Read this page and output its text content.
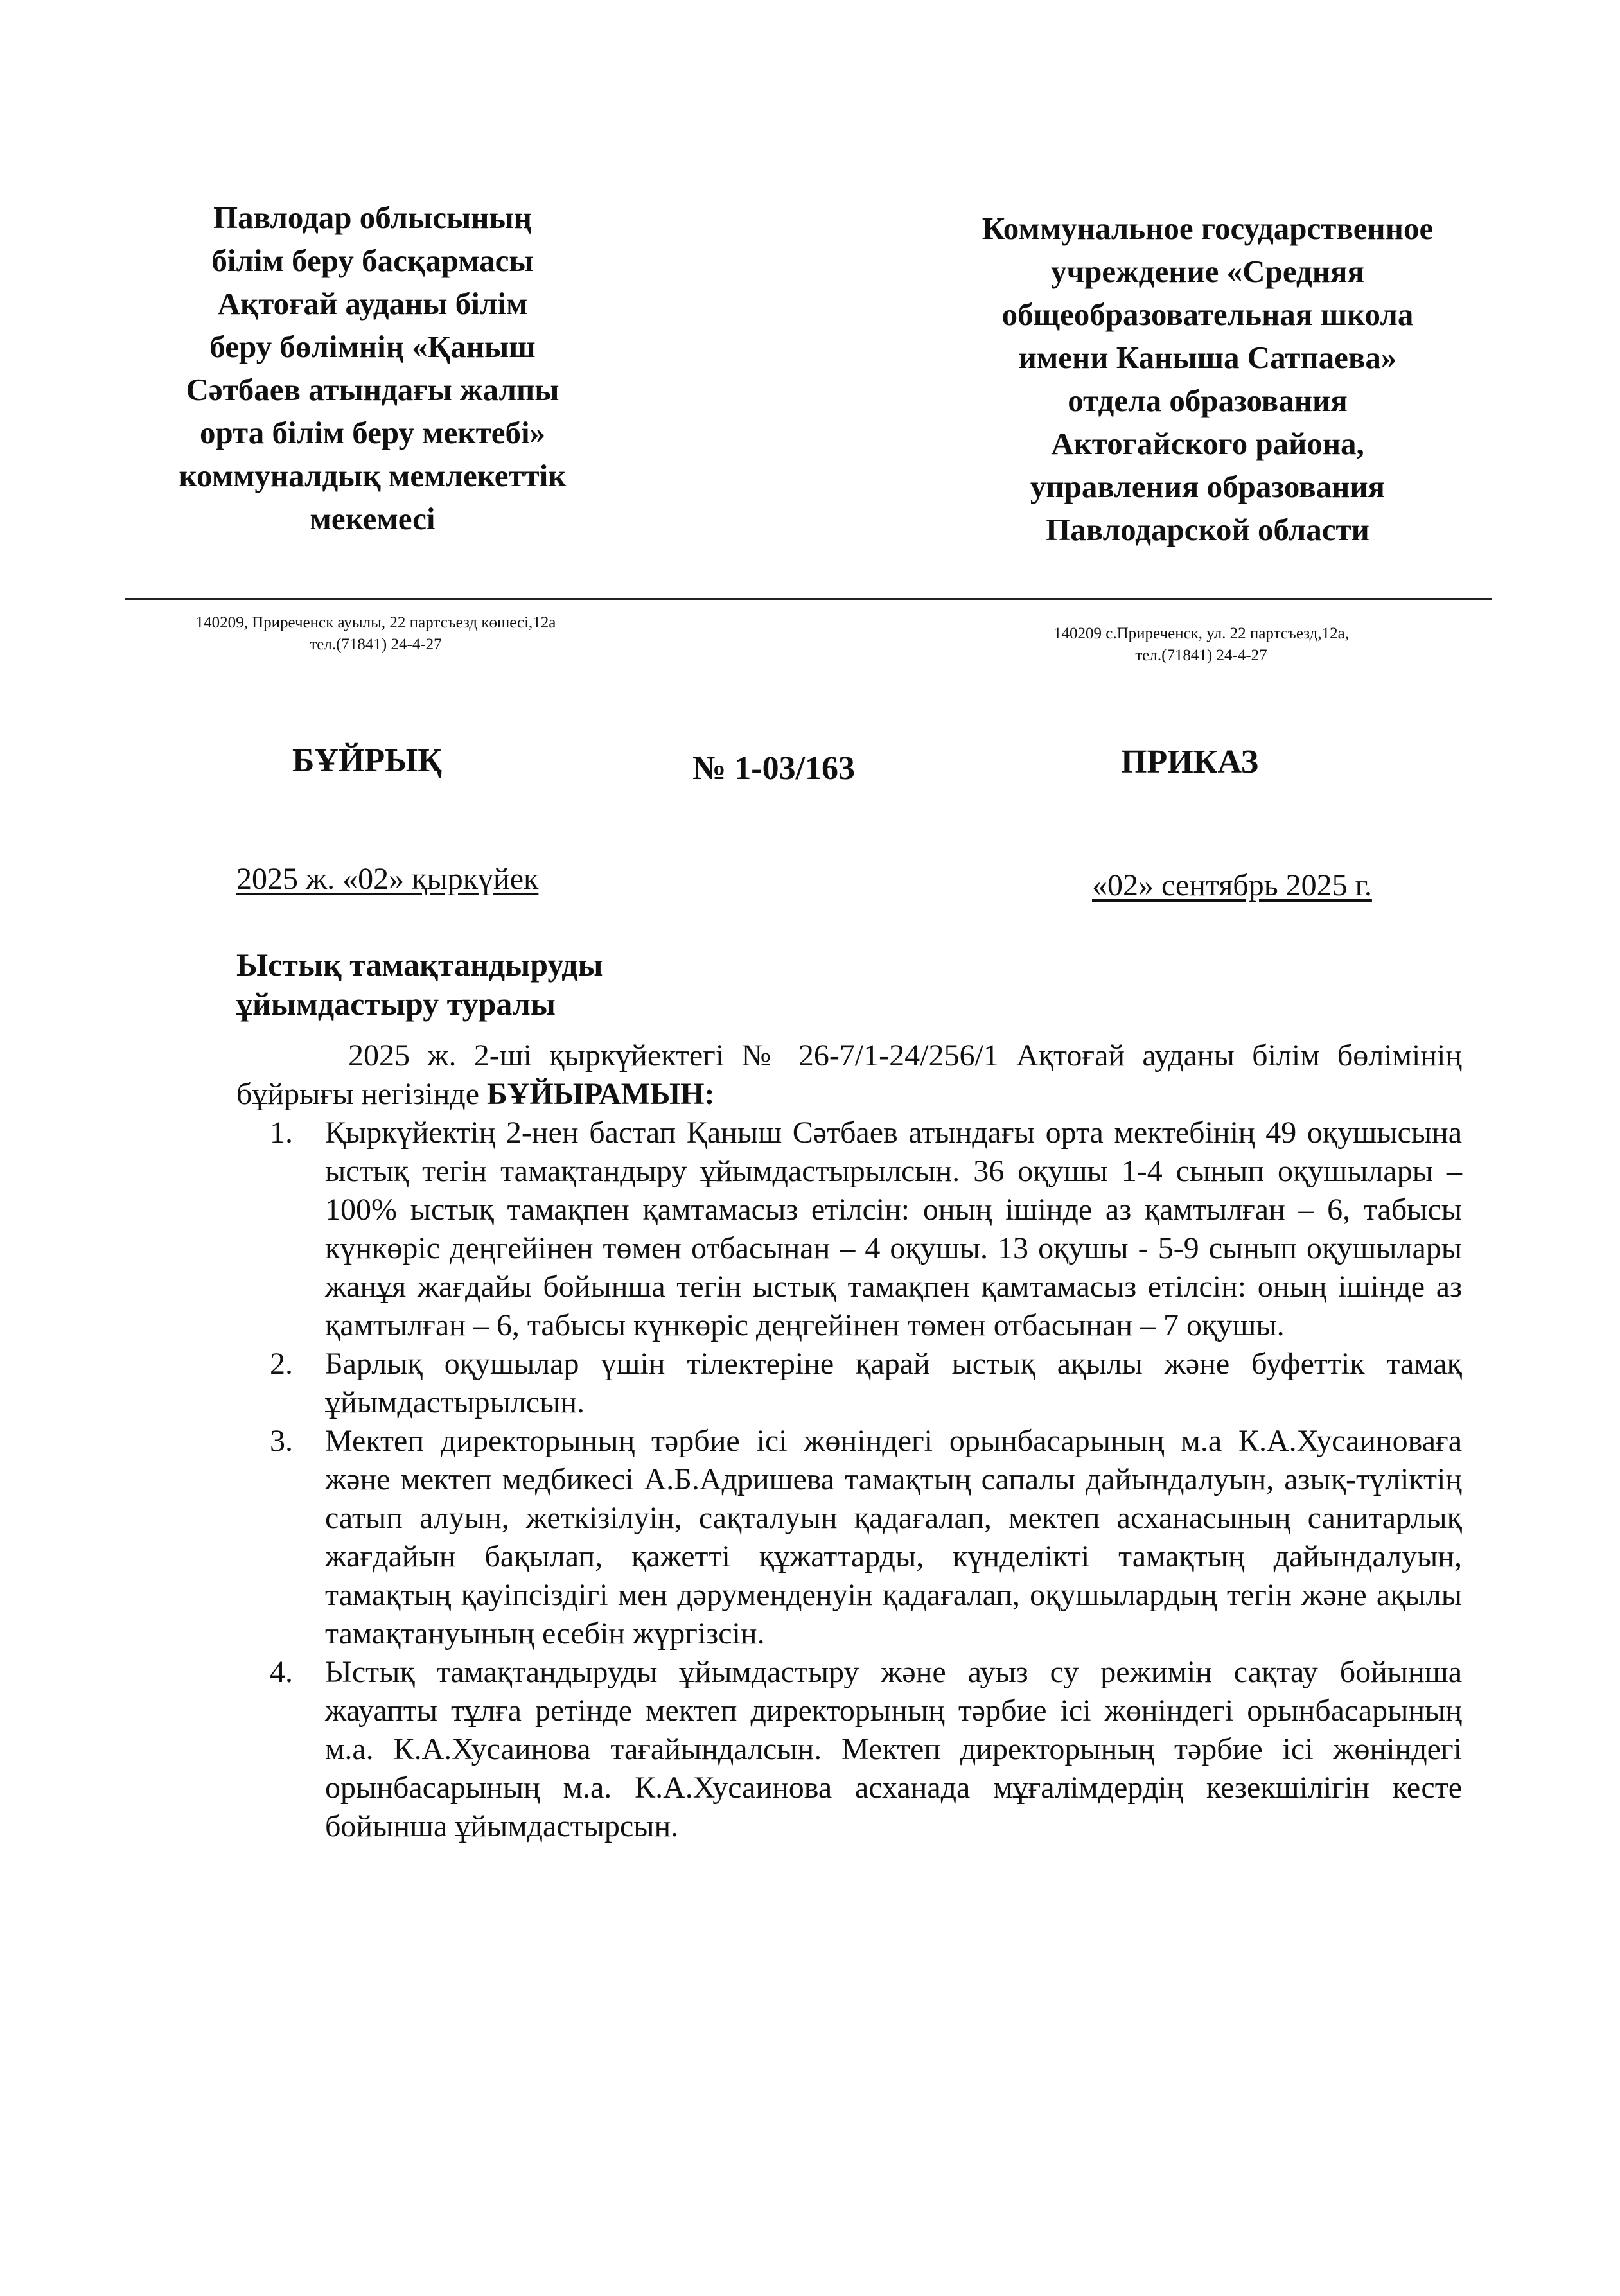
Павлодар облысының
білім беру басқармасы
Ақтоғай ауданы білім
беру бөлімнің «Қаныш
Сәтбаев атындағы жалпы
орта білім беру мектебі»
коммуналдық мемлекеттік
мекемесі
Коммунальное государственное
учреждение «Средняя
общеобразовательная школа
имени Каныша Сатпаева»
отдела образования
Актогайского района,
управления образования
Павлодарской области
140209, Приреченск ауылы, 22 партсъезд көшесі,12а
тел.(71841) 24-4-27
140209 с.Приреченск, ул. 22 партсъезд,12а,
тел.(71841) 24-4-27
БҰЙРЫҚ	№ 1-03/163	ПРИКАЗ
2025 ж. «02» қыркүйек	«02» сентябрь 2025 г.
Ыстық тамақтандыруды
ұйымдастыру туралы
2025 ж. 2-ші қыркүйектегі № 26-7/1-24/256/1 Ақтоғай ауданы білім бөлімінің бұйрығы негізінде БҰЙЫРАМЫН:
1. Қыркүйектің 2-нен бастап Қаныш Сәтбаев атындағы орта мектебінің 49 оқушысына ыстық тегін тамақтандыру ұйымдастырылсын. 36 оқушы 1-4 сынып оқушылары – 100% ыстық тамақпен қамтамасыз етілсін: оның ішінде аз қамтылған – 6, табысы күнкөріс деңгейінен төмен отбасынан – 4 оқушы. 13 оқушы - 5-9 сынып оқушылары жанұя жағдайы бойынша тегін ыстық тамақпен қамтамасыз етілсін: оның ішінде аз қамтылған – 6, табысы күнкөріс деңгейінен төмен отбасынан – 7 оқушы.
2. Барлық оқушылар үшін тілектеріне қарай ыстық ақылы және буфеттік тамақ ұйымдастырылсын.
3. Мектеп директорының тәрбие ісі жөніндегі орынбасарының м.а К.А.Хусаиноваға және мектеп медбикесі А.Б.Адришева тамақтың сапалы дайындалуын, азық-түліктің сатып алуын, жеткізілуін, сақталуын қадағалап, мектеп асханасының санитарлық жағдайын бақылап, қажетті құжаттарды, күнделікті тамақтың дайындалуын, тамақтың қауіпсіздігі мен дәруменденуін қадағалап, оқушылардың тегін және ақылы тамақтануының есебін жүргізсін.
4. Ыстық тамақтандыруды ұйымдастыру және ауыз су режимін сақтау бойынша жауапты тұлға ретінде мектеп директорының тәрбие ісі жөніндегі орынбасарының м.а. К.А.Хусаинова тағайындалсын. Мектеп директорының тәрбие ісі жөніндегі орынбасарының м.а. К.А.Хусаинова асханада мұғалімдердің кезекшілігін кесте бойынша ұйымдастырсын.
